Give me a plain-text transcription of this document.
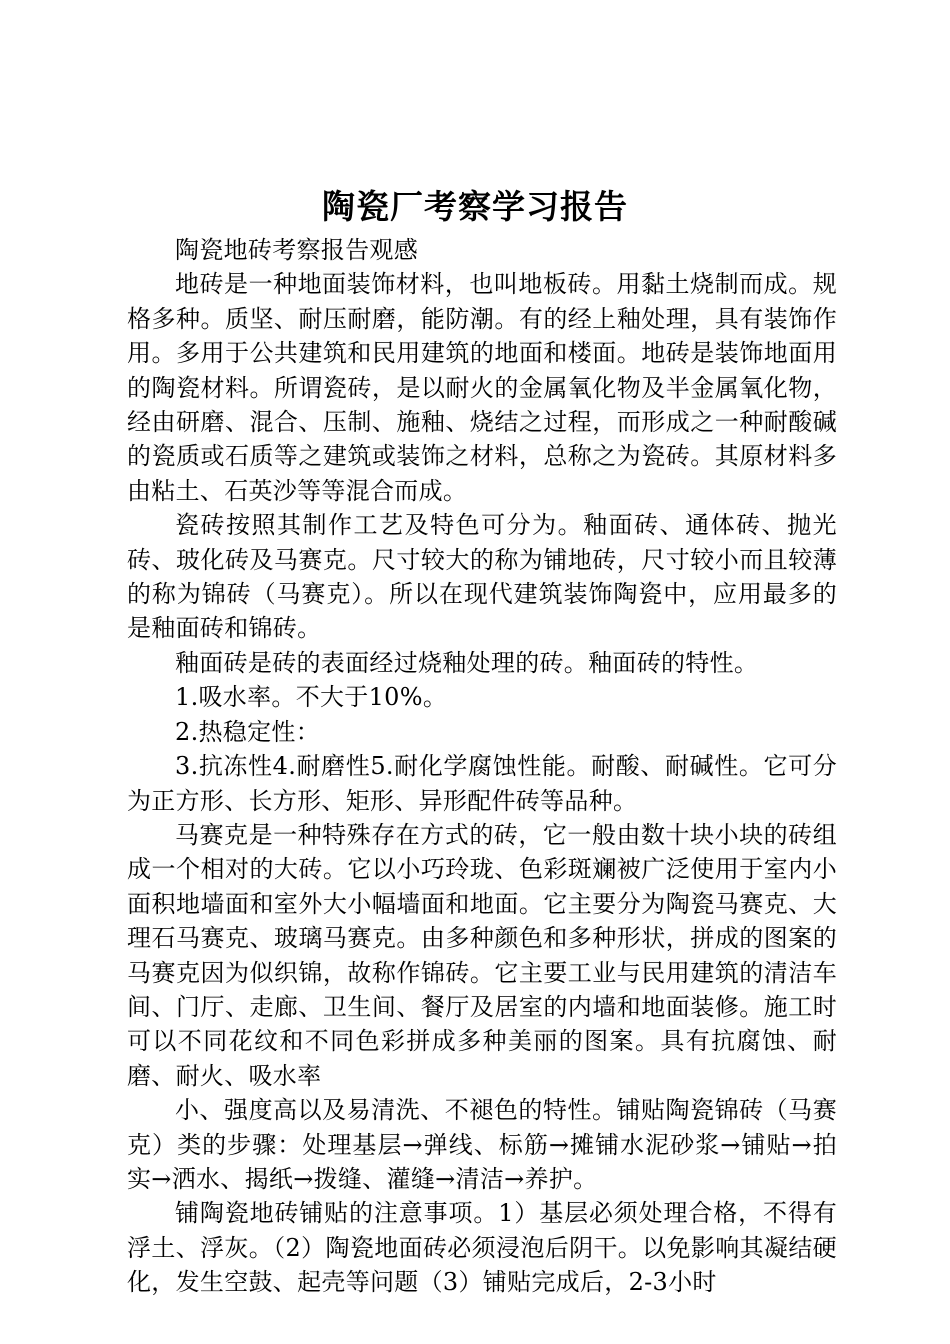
陶瓷厂考察学习报告

陶瓷地砖考察报告观感

地砖是一种地面装饰材料，也叫地板砖。用黏土烧制而成。规格多种。质坚、耐压耐磨，能防潮。有的经上釉处理，具有装饰作用。多用于公共建筑和民用建筑的地面和楼面。地砖是装饰地面用的陶瓷材料。所谓瓷砖，是以耐火的金属氧化物及半金属氧化物，经由研磨、混合、压制、施釉、烧结之过程，而形成之一种耐酸碱的瓷质或石质等之建筑或装饰之材料，总称之为瓷砖。其原材料多由粘土、石英沙等等混合而成。

瓷砖按照其制作工艺及特色可分为。釉面砖、通体砖、抛光砖、玻化砖及马赛克。尺寸较大的称为铺地砖，尺寸较小而且较薄的称为锦砖（马赛克）。所以在现代建筑装饰陶瓷中，应用最多的是釉面砖和锦砖。

釉面砖是砖的表面经过烧釉处理的砖。釉面砖的特性。

1.吸水率。不大于10%。

2.热稳定性：

3.抗冻性4.耐磨性5.耐化学腐蚀性能。耐酸、耐碱性。它可分为正方形、长方形、矩形、异形配件砖等品种。

马赛克是一种特殊存在方式的砖，它一般由数十块小块的砖组成一个相对的大砖。它以小巧玲珑、色彩斑斓被广泛使用于室内小面积地墙面和室外大小幅墙面和地面。它主要分为陶瓷马赛克、大理石马赛克、玻璃马赛克。由多种颜色和多种形状，拼成的图案的马赛克因为似织锦，故称作锦砖。它主要工业与民用建筑的清洁车间、门厅、走廊、卫生间、餐厅及居室的内墙和地面装修。施工时可以不同花纹和不同色彩拼成多种美丽的图案。具有抗腐蚀、耐磨、耐火、吸水率

小、强度高以及易清洗、不褪色的特性。铺贴陶瓷锦砖（马赛克）类的步骤：处理基层→弹线、标筋→摊铺水泥砂浆→铺贴→拍实→洒水、揭纸→拨缝、灌缝→清洁→养护。

铺陶瓷地砖铺贴的注意事项。1）基层必须处理合格，不得有浮土、浮灰。（2）陶瓷地面砖必须浸泡后阴干。以免影响其凝结硬化，发生空鼓、起壳等问题（3）铺贴完成后，2-3小时
